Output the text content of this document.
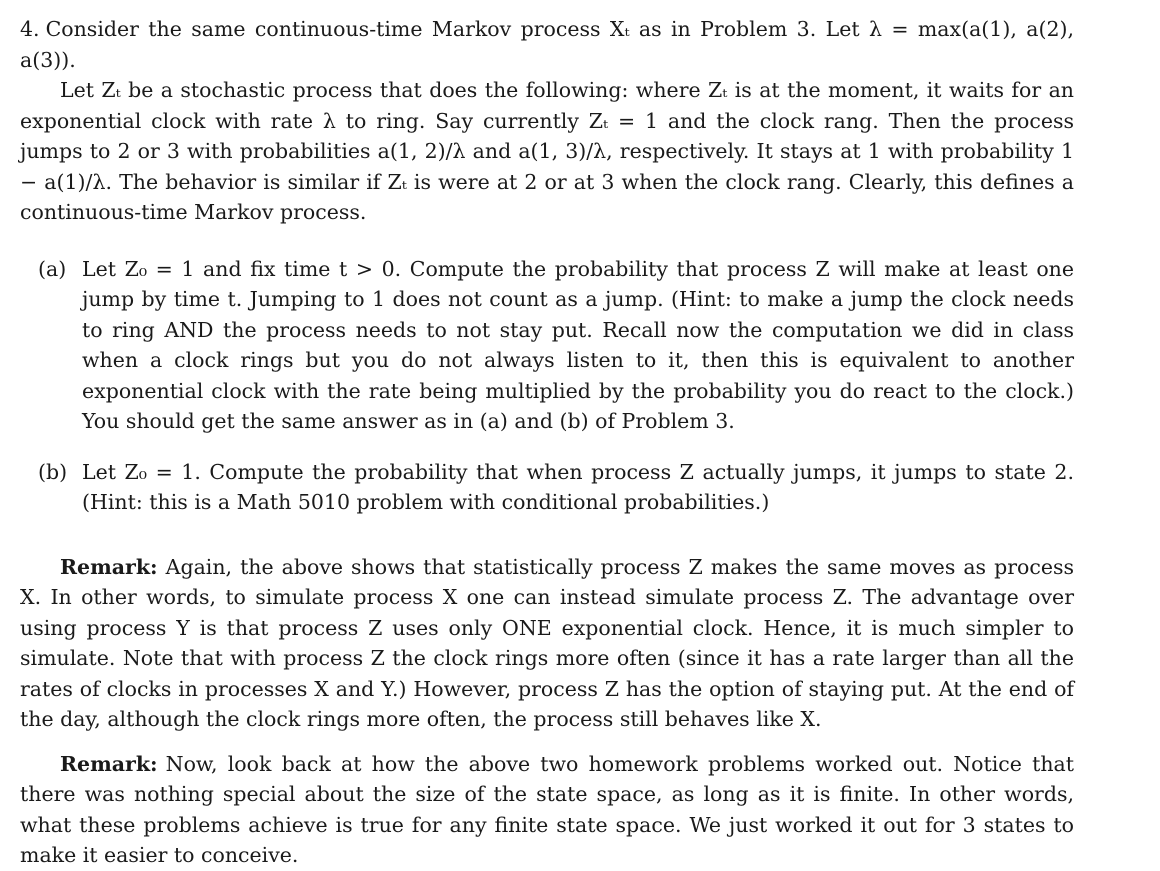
4. Consider the same continuous-time Markov process Xₜ as in Problem 3. Let λ = max(a(1), a(2), a(3)).

Let Zₜ be a stochastic process that does the following: where Zₜ is at the moment, it waits for an exponential clock with rate λ to ring. Say currently Zₜ = 1 and the clock rang. Then the process jumps to 2 or 3 with probabilities a(1, 2)/λ and a(1, 3)/λ, respectively. It stays at 1 with probability 1 − a(1)/λ. The behavior is similar if Zₜ is were at 2 or at 3 when the clock rang. Clearly, this defines a continuous-time Markov process.

(a) Let Z₀ = 1 and fix time t > 0. Compute the probability that process Z will make at least one jump by time t. Jumping to 1 does not count as a jump. (Hint: to make a jump the clock needs to ring AND the process needs to not stay put. Recall now the computation we did in class when a clock rings but you do not always listen to it, then this is equivalent to another exponential clock with the rate being multiplied by the probability you do react to the clock.) You should get the same answer as in (a) and (b) of Problem 3.

(b) Let Z₀ = 1. Compute the probability that when process Z actually jumps, it jumps to state 2. (Hint: this is a Math 5010 problem with conditional probabilities.)

Remark: Again, the above shows that statistically process Z makes the same moves as process X. In other words, to simulate process X one can instead simulate process Z. The advantage over using process Y is that process Z uses only ONE exponential clock. Hence, it is much simpler to simulate. Note that with process Z the clock rings more often (since it has a rate larger than all the rates of clocks in processes X and Y.) However, process Z has the option of staying put. At the end of the day, although the clock rings more often, the process still behaves like X.

Remark: Now, look back at how the above two homework problems worked out. Notice that there was nothing special about the size of the state space, as long as it is finite. In other words, what these problems achieve is true for any finite state space. We just worked it out for 3 states to make it easier to conceive.
